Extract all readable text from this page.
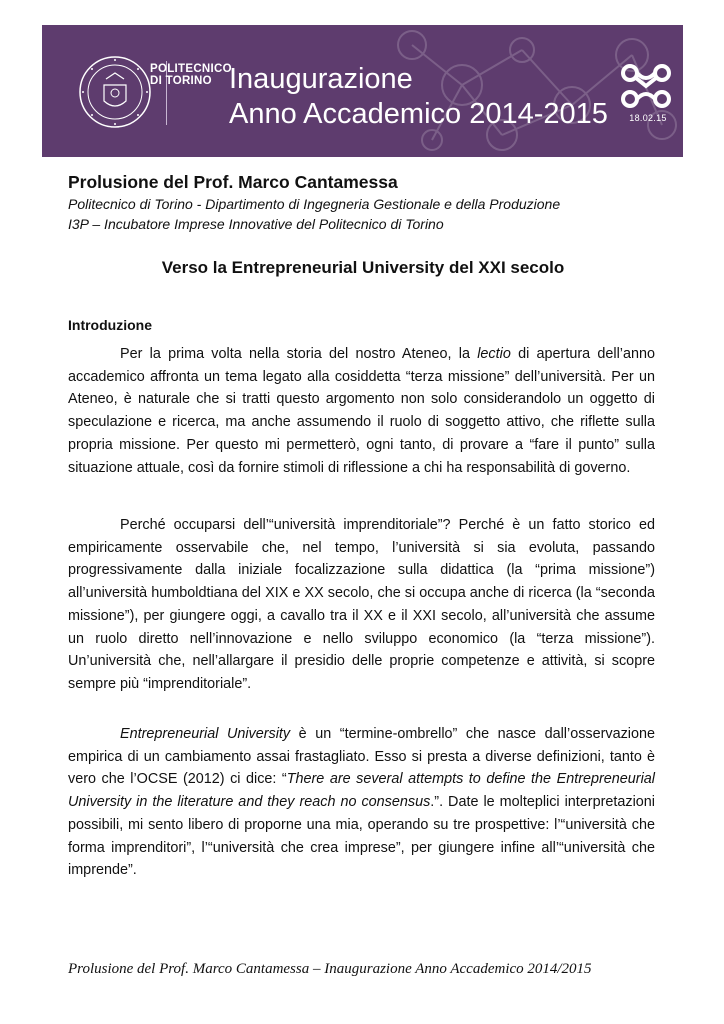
POLITECNICO
DI TORINO Inaugurazione
Anno Accademico 2014-2015	18.02.15
Prolusione del Prof. Marco Cantamessa
Politecnico di Torino - Dipartimento di Ingegneria Gestionale e della Produzione
I3P – Incubatore Imprese Innovative del Politecnico di Torino
Verso la Entrepreneurial University del XXI secolo
Introduzione

Per la prima volta nella storia del nostro Ateneo, la lectio di apertura dell’anno accademico affronta un tema legato alla cosiddetta “terza missione” dell’università. Per un Ateneo, è naturale che si tratti questo argomento non solo considerandolo un oggetto di speculazione e ricerca, ma anche assumendo il ruolo di soggetto attivo, che riflette sulla propria missione. Per questo mi permetterò, ogni tanto, di provare a “fare il punto” sulla situazione attuale, così da fornire stimoli di riflessione a chi ha responsabilità di governo.

Perché occuparsi dell’“università imprenditoriale”? Perché è un fatto storico ed empiricamente osservabile che, nel tempo, l’università si sia evoluta, passando progressivamente dalla iniziale focalizzazione sulla didattica (la “prima missione”) all’università humboldtiana del XIX e XX secolo, che si occupa anche di ricerca (la “seconda missione”), per giungere oggi, a cavallo tra il XX e il XXI secolo, all’università che assume un ruolo diretto nell’innovazione e nello sviluppo economico (la “terza missione”). Un’università che, nell’allargare il presidio delle proprie competenze e attività, si scopre sempre più “imprenditoriale”.

Entrepreneurial University è un “termine-ombrello” che nasce dall’osservazione empirica di un cambiamento assai frastagliato. Esso si presta a diverse definizioni, tanto è vero che l’OCSE (2012) ci dice: “There are several attempts to define the Entrepreneurial University in the literature and they reach no consensus.”. Date le molteplici interpretazioni possibili, mi sento libero di proporne una mia, operando su tre prospettive: l’“università che forma imprenditori”, l’“università che crea imprese”, per giungere infine all’“università che imprende”.

Prolusione del Prof. Marco Cantamessa – Inaugurazione Anno Accademico 2014/2015
